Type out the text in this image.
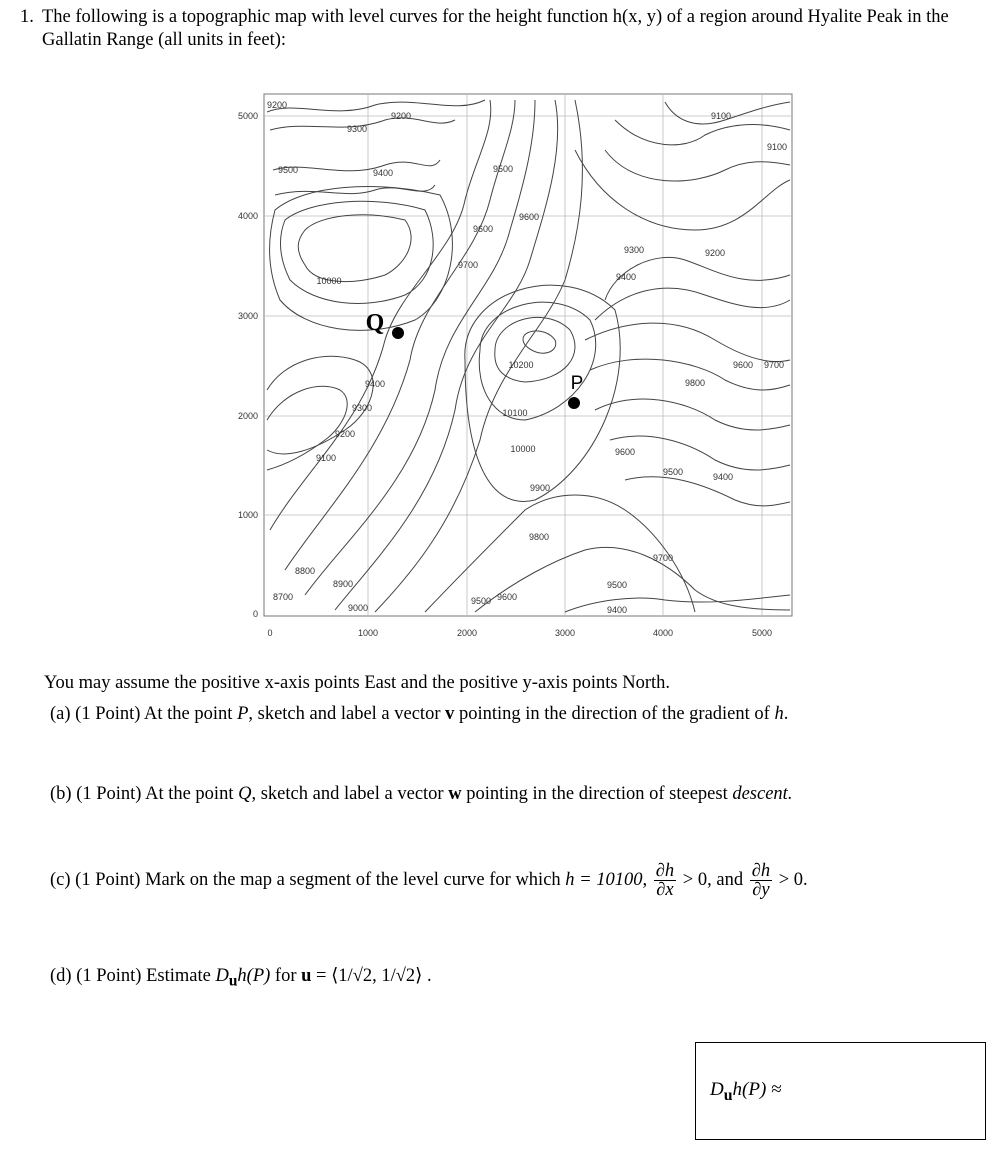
1. The following is a topographic map with level curves for the height function h(x, y) of a region around Hyalite Peak in the Gallatin Range (all units in feet):
0	1000	2000	3000	4000	5000
5000
4000
3000
2000
1000
0
9200
9200
9300
9100
9100
9500	9400	9500
9600
9600
9700
9300	9200
9400
10000
10200
9800
9600 9700
9400
9300
9200
9100
10100
10000	9600
9500	9400
9900
9800
9700
8800
8900
8700
9000
9500 9600
9500
9400
Q
P
You may assume the positive x-axis points East and the positive y-axis points North.
(a) (1 Point) At the point P, sketch and label a vector v pointing in the direction of the gradient of h.
(b) (1 Point) At the point Q, sketch and label a vector w pointing in the direction of steepest descent.
(c) (1 Point) Mark on the map a segment of the level curve for which h = 10100, $\frac{\partial h}{\partial x} > 0$, and $\frac{\partial h}{\partial y} > 0$.
(d) (1 Point) Estimate $D_uh(P)$ for u = ⟨1/√2, 1/√2⟩ .
$D_uh(P)$ ≈
